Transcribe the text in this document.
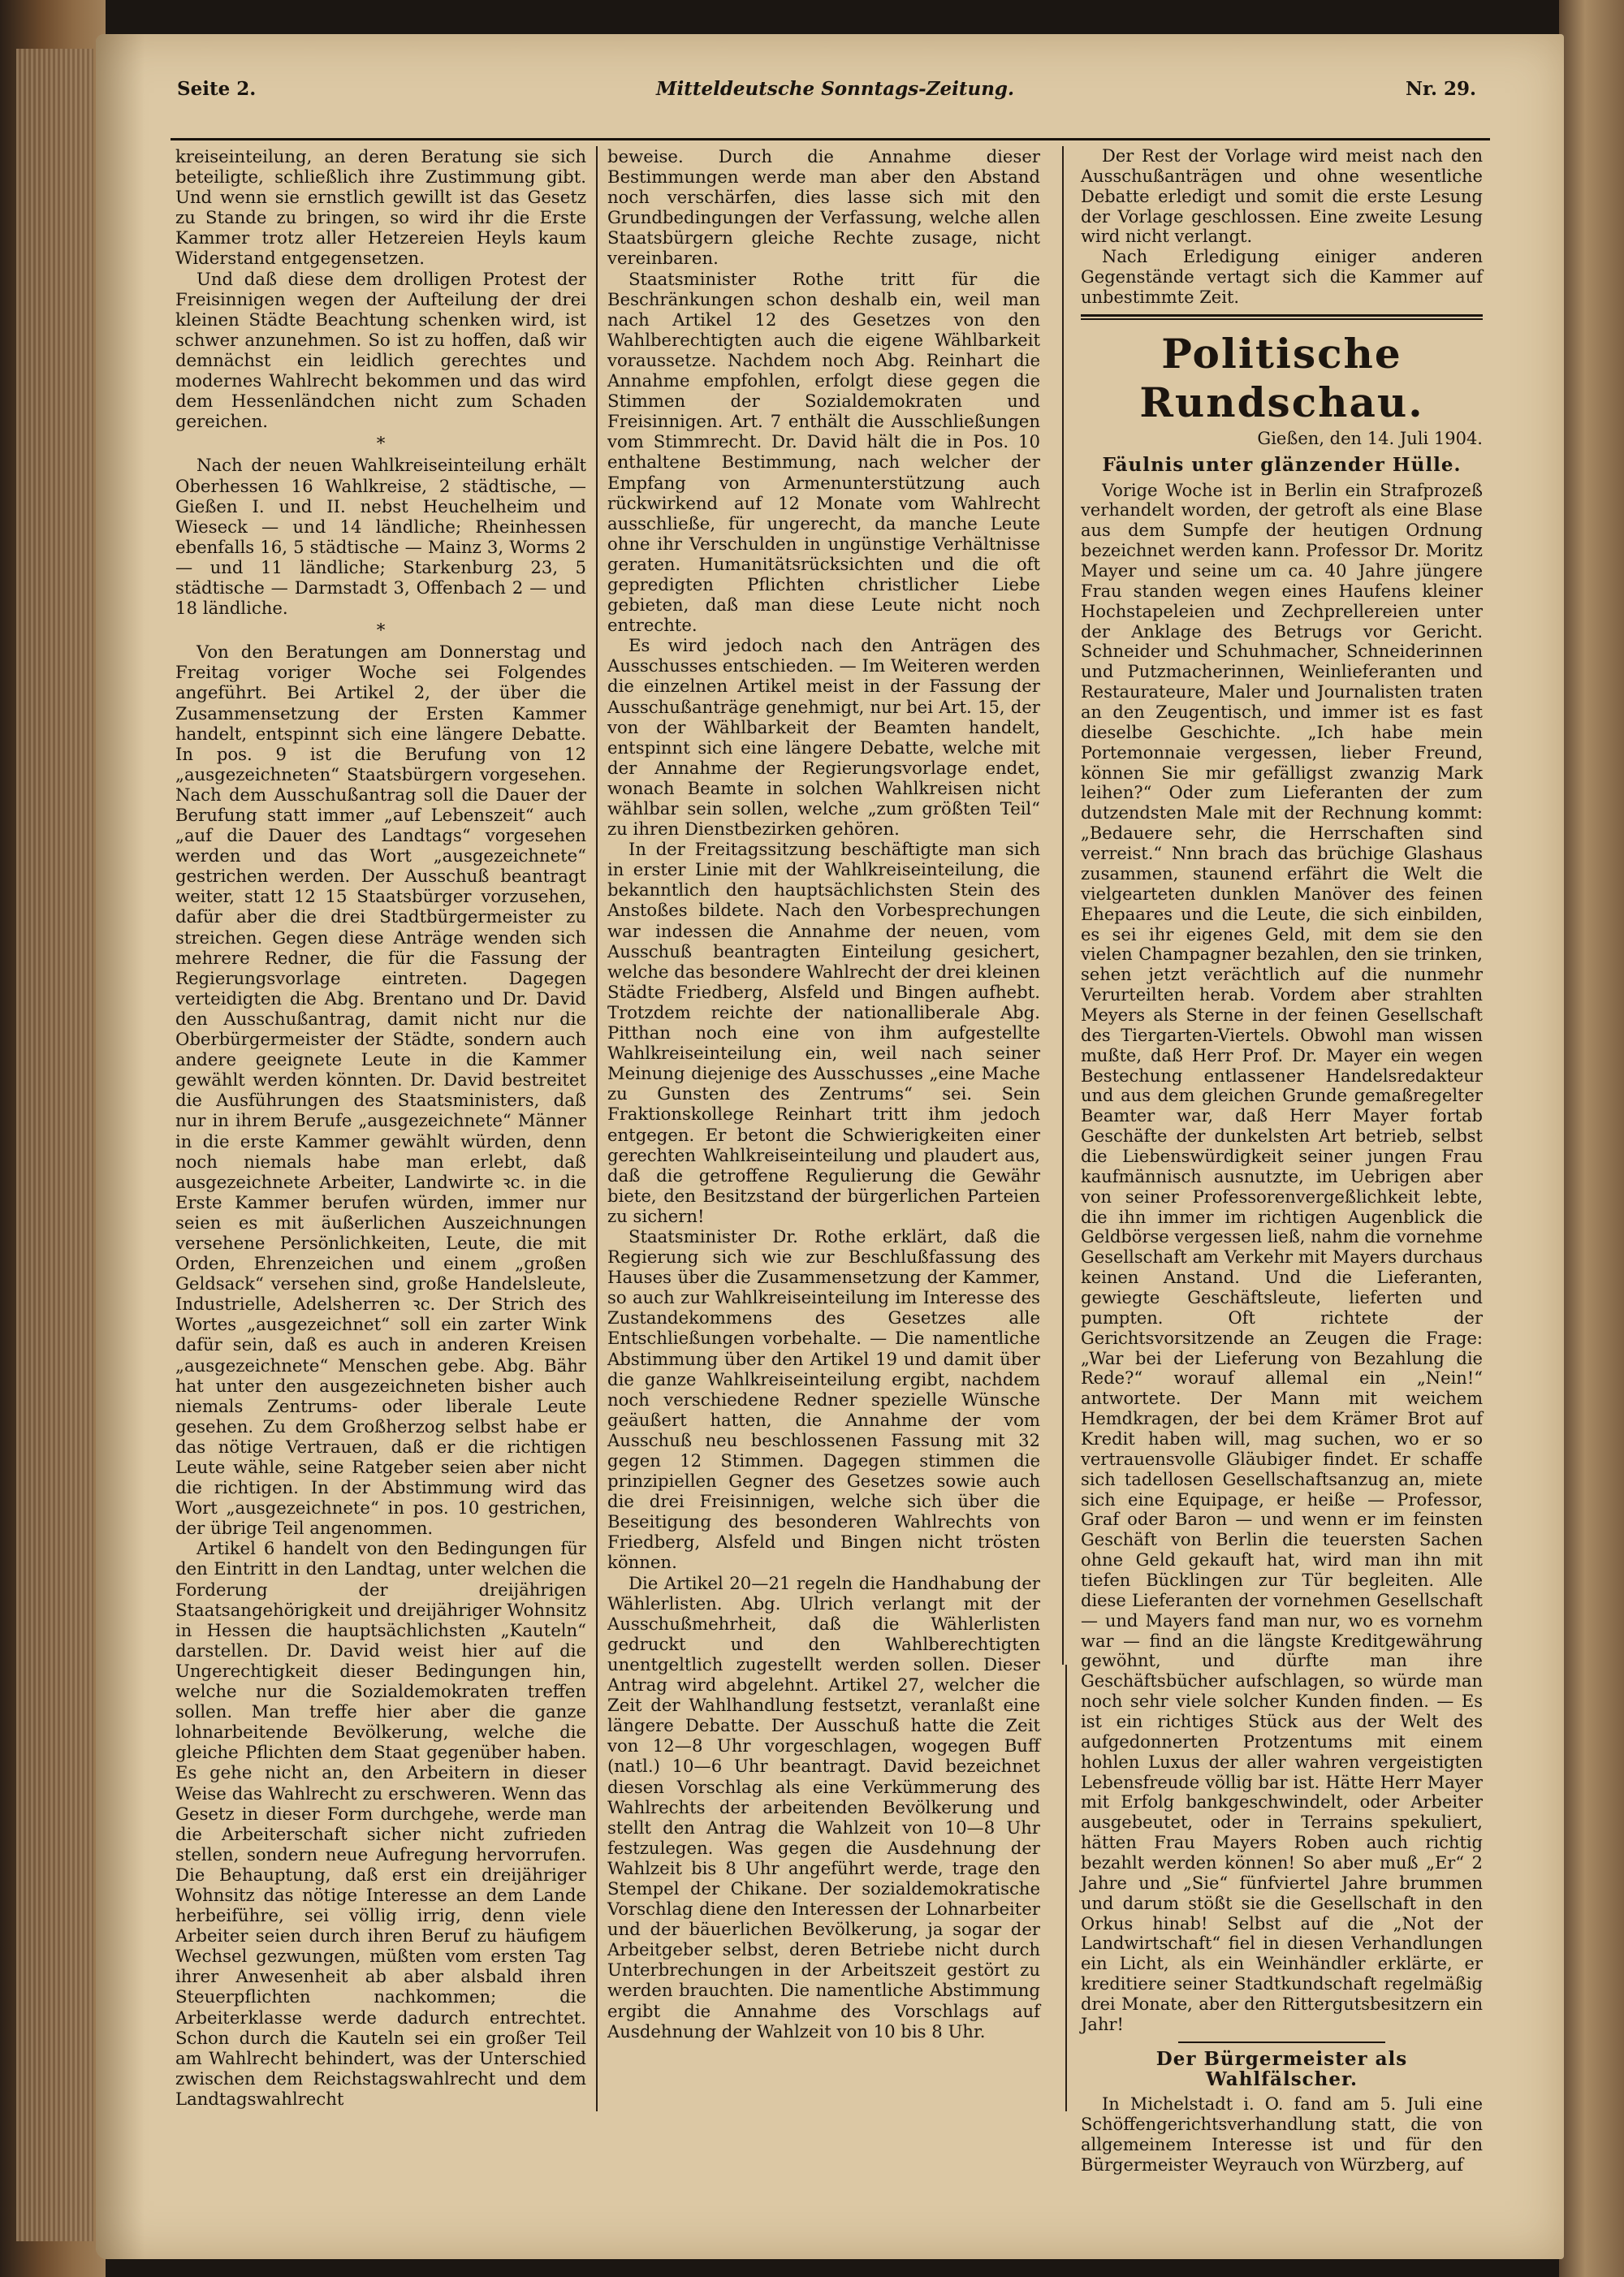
Seite 2.	Mitteldeutsche Sonntags-Zeitung.	Nr. 29.

kreiseinteilung, an deren Beratung sie sich beteiligte, schließlich ihre Zustimmung gibt. Und wenn sie ernstlich gewillt ist das Gesetz zu Stande zu bringen, so wird ihr die Erste Kammer trotz aller Hetzereien Heyls kaum Widerstand entgegensetzen.

Und daß diese dem drolligen Protest der Freisinnigen wegen der Aufteilung der drei kleinen Städte Beachtung schenken wird, ist schwer anzunehmen. So ist zu hoffen, daß wir demnächst ein leidlich gerechtes und modernes Wahlrecht bekommen und das wird dem Hessenländchen nicht zum Schaden gereichen.

*

Nach der neuen Wahlkreiseinteilung erhält Oberhessen 16 Wahlkreise, 2 städtische, — Gießen I. und II. nebst Heuchelheim und Wieseck — und 14 ländliche; Rheinhessen ebenfalls 16, 5 städtische — Mainz 3, Worms 2 — und 11 ländliche; Starkenburg 23, 5 städtische — Darmstadt 3, Offenbach 2 — und 18 ländliche.

*

Von den Beratungen am Donnerstag und Freitag voriger Woche sei Folgendes angeführt. Bei Artikel 2, der über die Zusammensetzung der Ersten Kammer handelt, entspinnt sich eine längere Debatte. In pos. 9 ist die Berufung von 12 „ausgezeichneten“ Staatsbürgern vorgesehen. Nach dem Ausschußantrag soll die Dauer der Berufung statt immer „auf Lebenszeit“ auch „auf die Dauer des Landtags“ vorgesehen werden und das Wort „ausgezeichnete“ gestrichen werden. Der Ausschuß beantragt weiter, statt 12 15 Staatsbürger vorzusehen, dafür aber die drei Stadtbürgermeister zu streichen. Gegen diese Anträge wenden sich mehrere Redner, die für die Fassung der Regierungsvorlage eintreten. Dagegen verteidigten die Abg. Brentano und Dr. David den Ausschußantrag, damit nicht nur die Oberbürgermeister der Städte, sondern auch andere geeignete Leute in die Kammer gewählt werden könnten. Dr. David bestreitet die Ausführungen des Staatsministers, daß nur in ihrem Berufe „ausgezeichnete“ Männer in die erste Kammer gewählt würden, denn noch niemals habe man erlebt, daß ausgezeichnete Arbeiter, Landwirte ꝛc. in die Erste Kammer berufen würden, immer nur seien es mit äußerlichen Auszeichnungen versehene Persönlichkeiten, Leute, die mit Orden, Ehrenzeichen und einem „großen Geldsack“ versehen sind, große Handelsleute, Industrielle, Adelsherren ꝛc. Der Strich des Wortes „ausgezeichnet“ soll ein zarter Wink dafür sein, daß es auch in anderen Kreisen „ausgezeichnete“ Menschen gebe. Abg. Bähr hat unter den ausgezeichneten bisher auch niemals Zentrums- oder liberale Leute gesehen. Zu dem Großherzog selbst habe er das nötige Vertrauen, daß er die richtigen Leute wähle, seine Ratgeber seien aber nicht die richtigen. In der Abstimmung wird das Wort „ausgezeichnete“ in pos. 10 gestrichen, der übrige Teil angenommen.

Artikel 6 handelt von den Bedingungen für den Eintritt in den Landtag, unter welchen die Forderung der dreijährigen Staatsangehörigkeit und dreijähriger Wohnsitz in Hessen die hauptsächlichsten „Kauteln“ darstellen. Dr. David weist hier auf die Ungerechtigkeit dieser Bedingungen hin, welche nur die Sozialdemokraten treffen sollen. Man treffe hier aber die ganze lohnarbeitende Bevölkerung, welche die gleiche Pflichten dem Staat gegenüber haben. Es gehe nicht an, den Arbeitern in dieser Weise das Wahlrecht zu erschweren. Wenn das Gesetz in dieser Form durchgehe, werde man die Arbeiterschaft sicher nicht zufrieden stellen, sondern neue Aufregung hervorrufen. Die Behauptung, daß erst ein dreijähriger Wohnsitz das nötige Interesse an dem Lande herbeiführe, sei völlig irrig, denn viele Arbeiter seien durch ihren Beruf zu häufigem Wechsel gezwungen, müßten vom ersten Tag ihrer Anwesenheit ab aber alsbald ihren Steuerpflichten nachkommen; die Arbeiterklasse werde dadurch entrechtet. Schon durch die Kauteln sei ein großer Teil am Wahlrecht behindert, was der Unterschied zwischen dem Reichstagswahlrecht und dem Landtagswahlrecht

beweise. Durch die Annahme dieser Bestimmungen werde man aber den Abstand noch verschärfen, dies lasse sich mit den Grundbedingungen der Verfassung, welche allen Staatsbürgern gleiche Rechte zusage, nicht vereinbaren.

Staatsminister Rothe tritt für die Beschränkungen schon deshalb ein, weil man nach Artikel 12 des Gesetzes von den Wahlberechtigten auch die eigene Wählbarkeit voraussetze. Nachdem noch Abg. Reinhart die Annahme empfohlen, erfolgt diese gegen die Stimmen der Sozialdemokraten und Freisinnigen. Art. 7 enthält die Ausschließungen vom Stimmrecht. Dr. David hält die in Pos. 10 enthaltene Bestimmung, nach welcher der Empfang von Armenunterstützung auch rückwirkend auf 12 Monate vom Wahlrecht ausschließe, für ungerecht, da manche Leute ohne ihr Verschulden in ungünstige Verhältnisse geraten. Humanitätsrücksichten und die oft gepredigten Pflichten christlicher Liebe gebieten, daß man diese Leute nicht noch entrechte.

Es wird jedoch nach den Anträgen des Ausschusses entschieden. — Im Weiteren werden die einzelnen Artikel meist in der Fassung der Ausschußanträge genehmigt, nur bei Art. 15, der von der Wählbarkeit der Beamten handelt, entspinnt sich eine längere Debatte, welche mit der Annahme der Regierungsvorlage endet, wonach Beamte in solchen Wahlkreisen nicht wählbar sein sollen, welche „zum größten Teil“ zu ihren Dienstbezirken gehören.

In der Freitagssitzung beschäftigte man sich in erster Linie mit der Wahlkreiseinteilung, die bekanntlich den hauptsächlichsten Stein des Anstoßes bildete. Nach den Vorbesprechungen war indessen die Annahme der neuen, vom Ausschuß beantragten Einteilung gesichert, welche das besondere Wahlrecht der drei kleinen Städte Friedberg, Alsfeld und Bingen aufhebt. Trotzdem reichte der nationalliberale Abg. Pitthan noch eine von ihm aufgestellte Wahlkreiseinteilung ein, weil nach seiner Meinung diejenige des Ausschusses „eine Mache zu Gunsten des Zentrums“ sei. Sein Fraktionskollege Reinhart tritt ihm jedoch entgegen. Er betont die Schwierigkeiten einer gerechten Wahlkreiseinteilung und plaudert aus, daß die getroffene Regulierung die Gewähr biete, den Besitzstand der bürgerlichen Parteien zu sichern!

Staatsminister Dr. Rothe erklärt, daß die Regierung sich wie zur Beschlußfassung des Hauses über die Zusammensetzung der Kammer, so auch zur Wahlkreiseinteilung im Interesse des Zustandekommens des Gesetzes alle Entschließungen vorbehalte. — Die namentliche Abstimmung über den Artikel 19 und damit über die ganze Wahlkreiseinteilung ergibt, nachdem noch verschiedene Redner spezielle Wünsche geäußert hatten, die Annahme der vom Ausschuß neu beschlossenen Fassung mit 32 gegen 12 Stimmen. Dagegen stimmen die prinzipiellen Gegner des Gesetzes sowie auch die drei Freisinnigen, welche sich über die Beseitigung des besonderen Wahlrechts von Friedberg, Alsfeld und Bingen nicht trösten können.

Die Artikel 20—21 regeln die Handhabung der Wählerlisten. Abg. Ulrich verlangt mit der Ausschußmehrheit, daß die Wählerlisten gedruckt und den Wahlberechtigten unentgeltlich zugestellt werden sollen. Dieser Antrag wird abgelehnt. Artikel 27, welcher die Zeit der Wahlhandlung festsetzt, veranlaßt eine längere Debatte. Der Ausschuß hatte die Zeit von 12—8 Uhr vorgeschlagen, wogegen Buff (natl.) 10—6 Uhr beantragt. David bezeichnet diesen Vorschlag als eine Verkümmerung des Wahlrechts der arbeitenden Bevölkerung und stellt den Antrag die Wahlzeit von 10—8 Uhr festzulegen. Was gegen die Ausdehnung der Wahlzeit bis 8 Uhr angeführt werde, trage den Stempel der Chikane. Der sozialdemokratische Vorschlag diene den Interessen der Lohnarbeiter und der bäuerlichen Bevölkerung, ja sogar der Arbeitgeber selbst, deren Betriebe nicht durch Unterbrechungen in der Arbeitszeit gestört zu werden brauchten. Die namentliche Abstimmung ergibt die Annahme des Vorschlags auf Ausdehnung der Wahlzeit von 10 bis 8 Uhr.

Der Rest der Vorlage wird meist nach den Ausschußanträgen und ohne wesentliche Debatte erledigt und somit die erste Lesung der Vorlage geschlossen. Eine zweite Lesung wird nicht verlangt.

Nach Erledigung einiger anderen Gegenstände vertagt sich die Kammer auf unbestimmte Zeit.

Politische Rundschau.
Gießen, den 14. Juli 1904.
Fäulnis unter glänzender Hülle.

Vorige Woche ist in Berlin ein Strafprozeß verhandelt worden, der getroft als eine Blase aus dem Sumpfe der heutigen Ordnung bezeichnet werden kann. Professor Dr. Moritz Mayer und seine um ca. 40 Jahre jüngere Frau standen wegen eines Haufens kleiner Hochstapeleien und Zechprellereien unter der Anklage des Betrugs vor Gericht. Schneider und Schuhmacher, Schneiderinnen und Putzmacherinnen, Weinlieferanten und Restaurateure, Maler und Journalisten traten an den Zeugentisch, und immer ist es fast dieselbe Geschichte. „Ich habe mein Portemonnaie vergessen, lieber Freund, können Sie mir gefälligst zwanzig Mark leihen?“ Oder zum Lieferanten der zum dutzendsten Male mit der Rechnung kommt: „Bedauere sehr, die Herrschaften sind verreist.“ Nnn brach das brüchige Glashaus zusammen, staunend erfährt die Welt die vielgearteten dunklen Manöver des feinen Ehepaares und die Leute, die sich einbilden, es sei ihr eigenes Geld, mit dem sie den vielen Champagner bezahlen, den sie trinken, sehen jetzt verächtlich auf die nunmehr Verurteilten herab. Vordem aber strahlten Meyers als Sterne in der feinen Gesellschaft des Tiergarten-Viertels. Obwohl man wissen mußte, daß Herr Prof. Dr. Mayer ein wegen Bestechung entlassener Handelsredakteur und aus dem gleichen Grunde gemaßregelter Beamter war, daß Herr Mayer fortab Geschäfte der dunkelsten Art betrieb, selbst die Liebenswürdigkeit seiner jungen Frau kaufmännisch ausnutzte, im Uebrigen aber von seiner Professorenvergeßlichkeit lebte, die ihn immer im richtigen Augenblick die Geldbörse vergessen ließ, nahm die vornehme Gesellschaft am Verkehr mit Mayers durchaus keinen Anstand. Und die Lieferanten, gewiegte Geschäftsleute, lieferten und pumpten. Oft richtete der Gerichtsvorsitzende an Zeugen die Frage: „War bei der Lieferung von Bezahlung die Rede?“ worauf allemal ein „Nein!“ antwortete. Der Mann mit weichem Hemdkragen, der bei dem Krämer Brot auf Kredit haben will, mag suchen, wo er so vertrauensvolle Gläubiger findet. Er schaffe sich tadellosen Gesellschaftsanzug an, miete sich eine Equipage, er heiße — Professor, Graf oder Baron — und wenn er im feinsten Geschäft von Berlin die teuersten Sachen ohne Geld gekauft hat, wird man ihn mit tiefen Bücklingen zur Tür begleiten. Alle diese Lieferanten der vornehmen Gesellschaft — und Mayers fand man nur, wo es vornehm war — find an die längste Kreditgewährung gewöhnt, und dürfte man ihre Geschäftsbücher aufschlagen, so würde man noch sehr viele solcher Kunden finden. — Es ist ein richtiges Stück aus der Welt des aufgedonnerten Protzentums mit einem hohlen Luxus der aller wahren vergeistigten Lebensfreude völlig bar ist. Hätte Herr Mayer mit Erfolg bankgeschwindelt, oder Arbeiter ausgebeutet, oder in Terrains spekuliert, hätten Frau Mayers Roben auch richtig bezahlt werden können! So aber muß „Er“ 2 Jahre und „Sie“ fünfviertel Jahre brummen und darum stößt sie die Gesellschaft in den Orkus hinab! Selbst auf die „Not der Landwirtschaft“ fiel in diesen Verhandlungen ein Licht, als ein Weinhändler erklärte, er kreditiere seiner Stadtkundschaft regelmäßig drei Monate, aber den Rittergutsbesitzern ein Jahr!

Der Bürgermeister als Wahlfälscher.

In Michelstadt i. O. fand am 5. Juli eine Schöffengerichtsverhandlung statt, die von allgemeinem Interesse ist und für den Bürgermeister Weyrauch von Würzberg, auf
